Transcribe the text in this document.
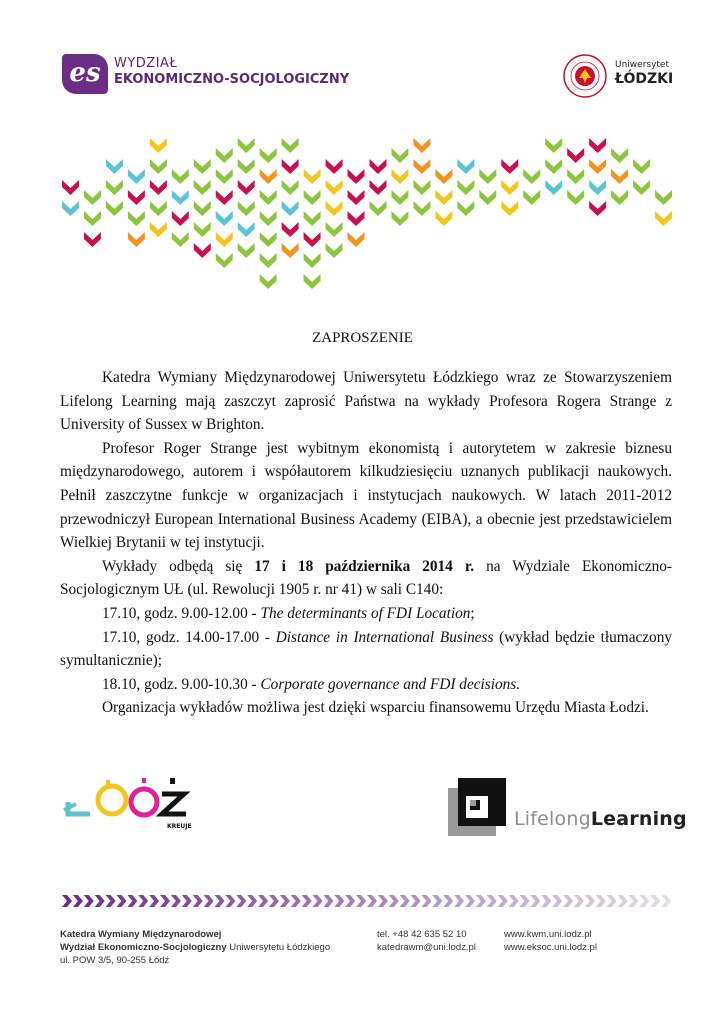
es	WYDZIAŁ
EKONOMICZNO-SOCJOLOGICZNY
Uniwersytet
ŁÓDZKI
ZAPROSZENIE

Katedra Wymiany Międzynarodowej Uniwersytetu Łódzkiego wraz ze Stowarzyszeniem Lifelong Learning mają zaszczyt zaprosić Państwa na wykłady Profesora Rogera Strange z University of Sussex w Brighton.

Profesor Roger Strange jest wybitnym ekonomistą i autorytetem w zakresie biznesu międzynarodowego, autorem i współautorem kilkudziesięciu uznanych publikacji naukowych. Pełnił zaszczytne funkcje w organizacjach i instytucjach naukowych. W latach 2011-2012 przewodniczył European International Business Academy (EIBA), a obecnie jest przedstawicielem Wielkiej Brytanii w tej instytucji.

Wykłady odbędą się 17 i 18 października 2014 r. na Wydziale Ekonomiczno-Socjologicznym UŁ (ul. Rewolucji 1905 r. nr 41) w sali C140:

17.10, godz. 9.00-12.00 - The determinants of FDI Location;

17.10, godz. 14.00-17.00 - Distance in International Business (wykład będzie tłumaczony symultanicznie);

18.10, godz. 9.00-10.30 - Corporate governance and FDI decisions.

Organizacja wykładów możliwa jest dzięki wsparciu finansowemu Urzędu Miasta Łodzi.

KREUJE	LifelongLearning
Katedra Wymiany Międzynarodowej
Wydział Ekonomiczno-Socjologiczny Uniwersytetu Łódzkiego
ul. POW 3/5, 90-255 Łódź
tel. +48 42 635 52 10
katedrawm@uni.lodz.pl
www.kwm.uni.lodz.pl
www.eksoc.uni.lodz.pl
